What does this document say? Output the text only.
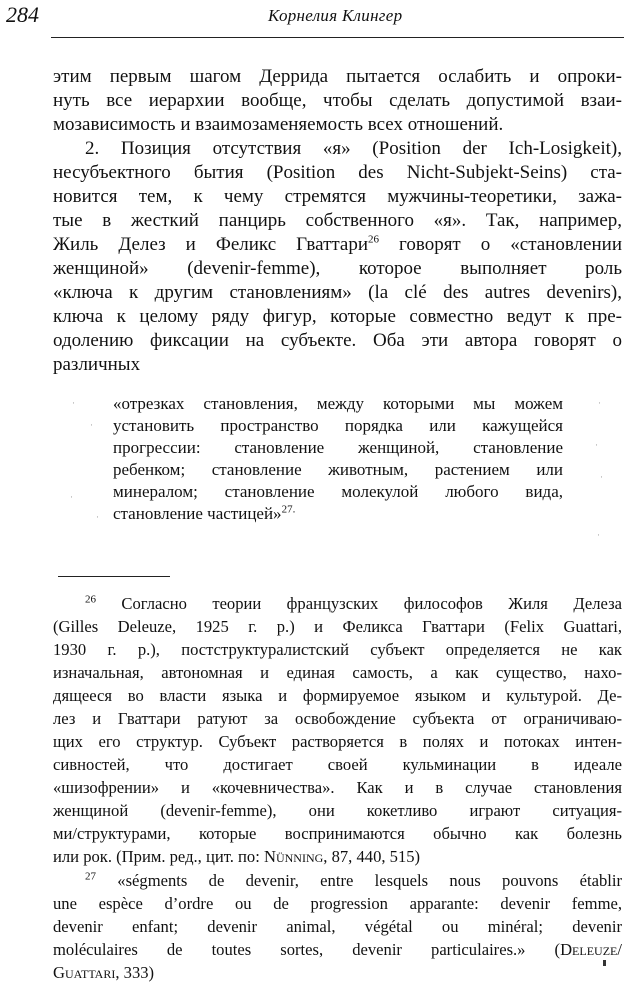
284	Корнелия Клингер

этим первым шагом Деррида пытается ослабить и опроки-

нуть все иерархии вообще, чтобы сделать допустимой взаи-

мозависимость и взаимозаменяемость всех отношений.

2. Позиция отсутствия «я» (Position der Ich-Losigkeit),

несубъектного бытия (Position des Nicht-Subjekt-Seins) ста-

новится тем, к чему стремятся мужчины-теоретики, зажа-

тые в жесткий панцирь собственного «я». Так, например,

Жиль Делез и Феликс Гваттари$^{26}$ говорят о «становлении

женщиной» (devenir-femme), которое выполняет роль

«ключа к другим становлениям» (la clé des autres devenirs),

ключа к целому ряду фигур, которые совместно ведут к пре-

одолению фиксации на субъекте. Оба эти автора говорят о

различных

«отрезках становления, между которыми мы можем

установить пространство порядка или кажущейся

прогрессии: становление женщиной, становление

ребенком; становление животным, растением или

минералом; становление молекулой любого вида,

становление частицей»$^{27.}$

·
·
·
·
·
·
·
·

$^{26}$ Согласно теории французских философов Жиля Делеза

(Gilles Deleuze, 1925 г. р.) и Феликса Гваттари (Felix Guattari,

1930 г. р.), постструктуралистский субъект определяется не как

изначальная, автономная и единая самость, а как существо, нахо-

дящееся во власти языка и формируемое языком и культурой. Де-

лез и Гваттари ратуют за освобождение субъекта от ограничиваю-

щих его структур. Субъект растворяется в полях и потоках интен-

сивностей, что достигает своей кульминации в идеале

«шизофрении» и «кочевничества». Как и в случае становления

женщиной (devenir-femme), они кокетливо играют ситуация-

ми/структурами, которые воспринимаются обычно как болезнь

или рок. (Прим. ред., цит. по: Nünning, 87, 440, 515)

$^{27}$ «ségments de devenir, entre lesquels nous pouvons établir

une espèce d’ordre ou de progression apparante: devenir femme,

devenir enfant; devenir animal, végétal ou minéral; devenir

moléculaires de toutes sortes, devenir particulaires.» (Deleuze/

Guattari, 333)
